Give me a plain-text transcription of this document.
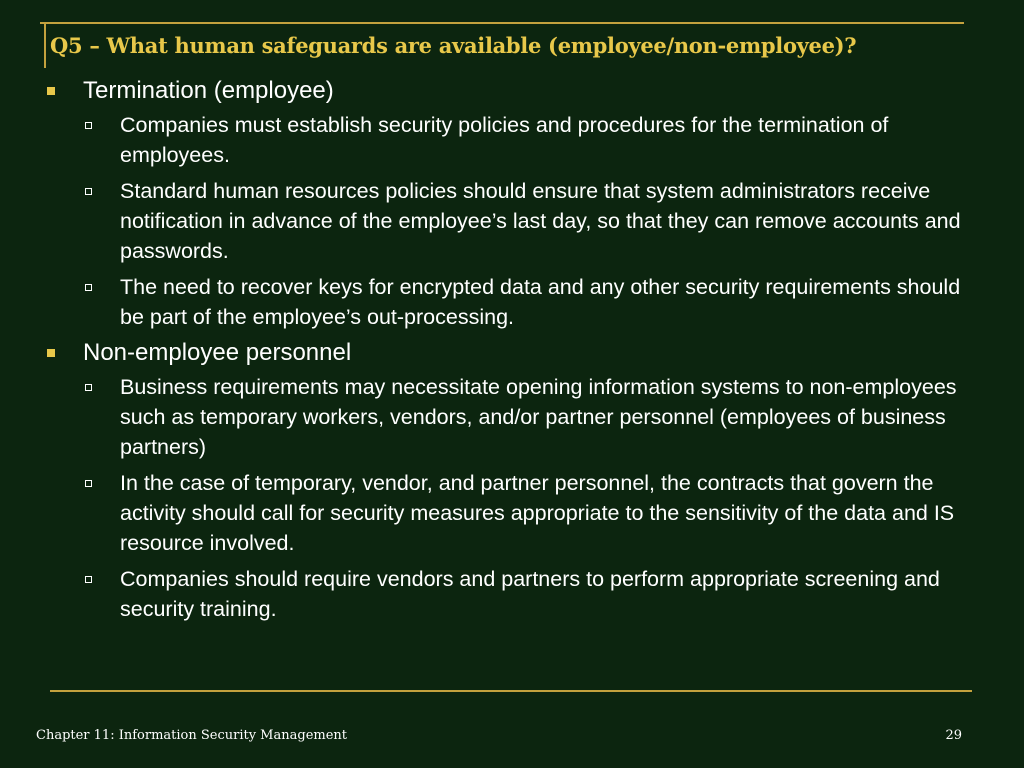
Q5 – What human safeguards are available (employee/non-employee)?
Termination (employee)
Companies must establish security policies and procedures for the termination of employees.
Standard human resources policies should ensure that system administrators receive notification in advance of the employee’s last day, so that they can remove accounts and passwords.
The need to recover keys for encrypted data and any other security requirements should be part of the employee’s out-processing.
Non-employee personnel
Business requirements may necessitate opening information systems to non-employees such as temporary workers, vendors, and/or partner personnel (employees of business partners)
In the case of temporary, vendor, and partner personnel, the contracts that govern the activity should call for security measures appropriate to the sensitivity of the data and IS resource involved.
Companies should require vendors and partners to perform appropriate screening and security training.
Chapter 11: Information Security Management	29
